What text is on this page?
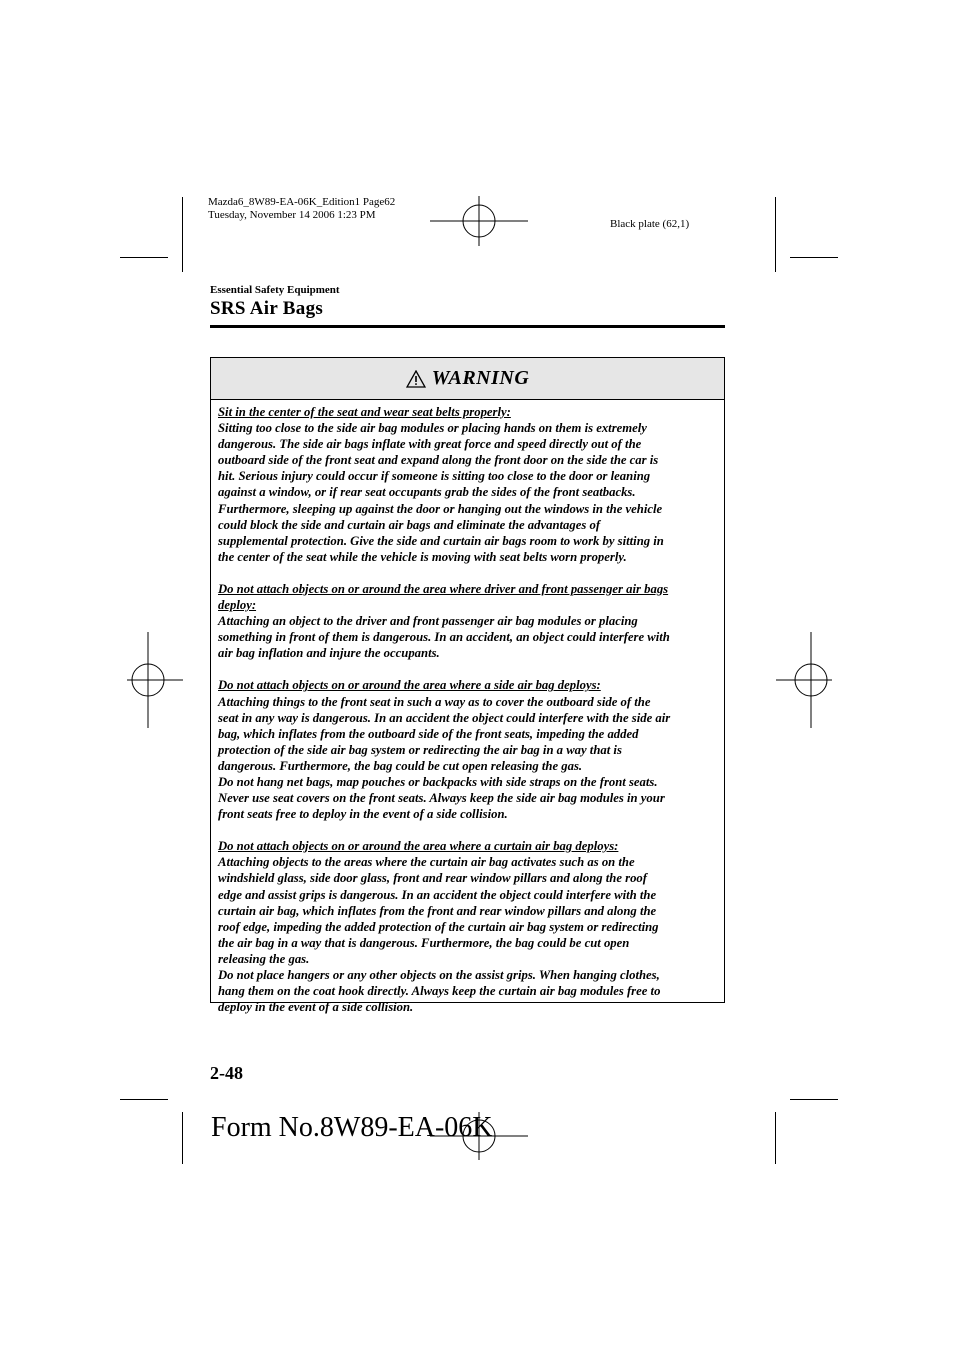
Mazda6_8W89-EA-06K_Edition1 Page62
Tuesday, November 14 2006 1:23 PM
Black plate (62,1)
Essential Safety Equipment
SRS Air Bags
WARNING
Sit in the center of the seat and wear seat belts properly:
Sitting too close to the side air bag modules or placing hands on them is extremely
dangerous. The side air bags inflate with great force and speed directly out of the
outboard side of the front seat and expand along the front door on the side the car is
hit. Serious injury could occur if someone is sitting too close to the door or leaning
against a window, or if rear seat occupants grab the sides of the front seatbacks.
Furthermore, sleeping up against the door or hanging out the windows in the vehicle
could block the side and curtain air bags and eliminate the advantages of
supplemental protection. Give the side and curtain air bags room to work by sitting in
the center of the seat while the vehicle is moving with seat belts worn properly.
Do not attach objects on or around the area where driver and front passenger air bags
deploy:
Attaching an object to the driver and front passenger air bag modules or placing
something in front of them is dangerous. In an accident, an object could interfere with
air bag inflation and injure the occupants.
Do not attach objects on or around the area where a side air bag deploys:
Attaching things to the front seat in such a way as to cover the outboard side of the
seat in any way is dangerous. In an accident the object could interfere with the side air
bag, which inflates from the outboard side of the front seats, impeding the added
protection of the side air bag system or redirecting the air bag in a way that is
dangerous. Furthermore, the bag could be cut open releasing the gas.
Do not hang net bags, map pouches or backpacks with side straps on the front seats.
Never use seat covers on the front seats. Always keep the side air bag modules in your
front seats free to deploy in the event of a side collision.
Do not attach objects on or around the area where a curtain air bag deploys:
Attaching objects to the areas where the curtain air bag activates such as on the
windshield glass, side door glass, front and rear window pillars and along the roof
edge and assist grips is dangerous. In an accident the object could interfere with the
curtain air bag, which inflates from the front and rear window pillars and along the
roof edge, impeding the added protection of the curtain air bag system or redirecting
the air bag in a way that is dangerous. Furthermore, the bag could be cut open
releasing the gas.
Do not place hangers or any other objects on the assist grips. When hanging clothes,
hang them on the coat hook directly. Always keep the curtain air bag modules free to
deploy in the event of a side collision.
2-48
Form No.8W89-EA-06K
